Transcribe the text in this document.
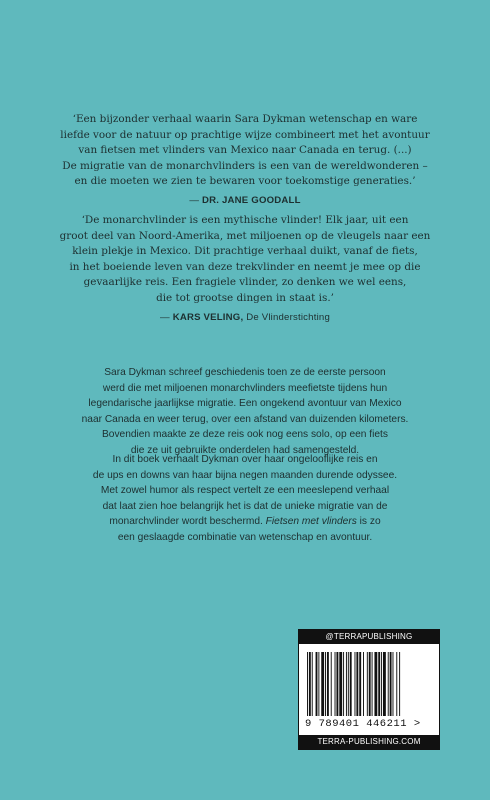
‘Een bijzonder verhaal waarin Sara Dykman wetenschap en ware
liefde voor de natuur op prachtige wijze combineert met het avontuur
van fietsen met vlinders van Mexico naar Canada en terug. (...)
De migratie van de monarchvlinders is een van de wereldwonderen –
en die moeten we zien te bewaren voor toekomstige generaties.’

— DR. JANE GOODALL

‘De monarchvlinder is een mythische vlinder! Elk jaar, uit een
groot deel van Noord-Amerika, met miljoenen op de vleugels naar een
klein plekje in Mexico. Dit prachtige verhaal duikt, vanaf de fiets,
in het boeiende leven van deze trekvlinder en neemt je mee op die
gevaarlijke reis. Een fragiele vlinder, zo denken we wel eens,
die tot grootse dingen in staat is.’

— KARS VELING, De Vlinderstichting

Sara Dykman schreef geschiedenis toen ze de eerste persoon
werd die met miljoenen monarchvlinders meefietste tijdens hun
legendarische jaarlijkse migratie. Een ongekend avontuur van Mexico
naar Canada en weer terug, over een afstand van duizenden kilometers.
Bovendien maakte ze deze reis ook nog eens solo, op een fiets
die ze uit gebruikte onderdelen had samengesteld.

In dit boek verhaalt Dykman over haar ongelooflijke reis en
de ups en downs van haar bijna negen maanden durende odyssee.
Met zowel humor als respect vertelt ze een meeslepend verhaal
dat laat zien hoe belangrijk het is dat de unieke migratie van de
monarchvlinder wordt beschermd. Fietsen met vlinders is zo
een geslaagde combinatie van wetenschap en avontuur.

@TERRAPUBLISHING
9 789401 446211 >
TERRA-PUBLISHING.COM
